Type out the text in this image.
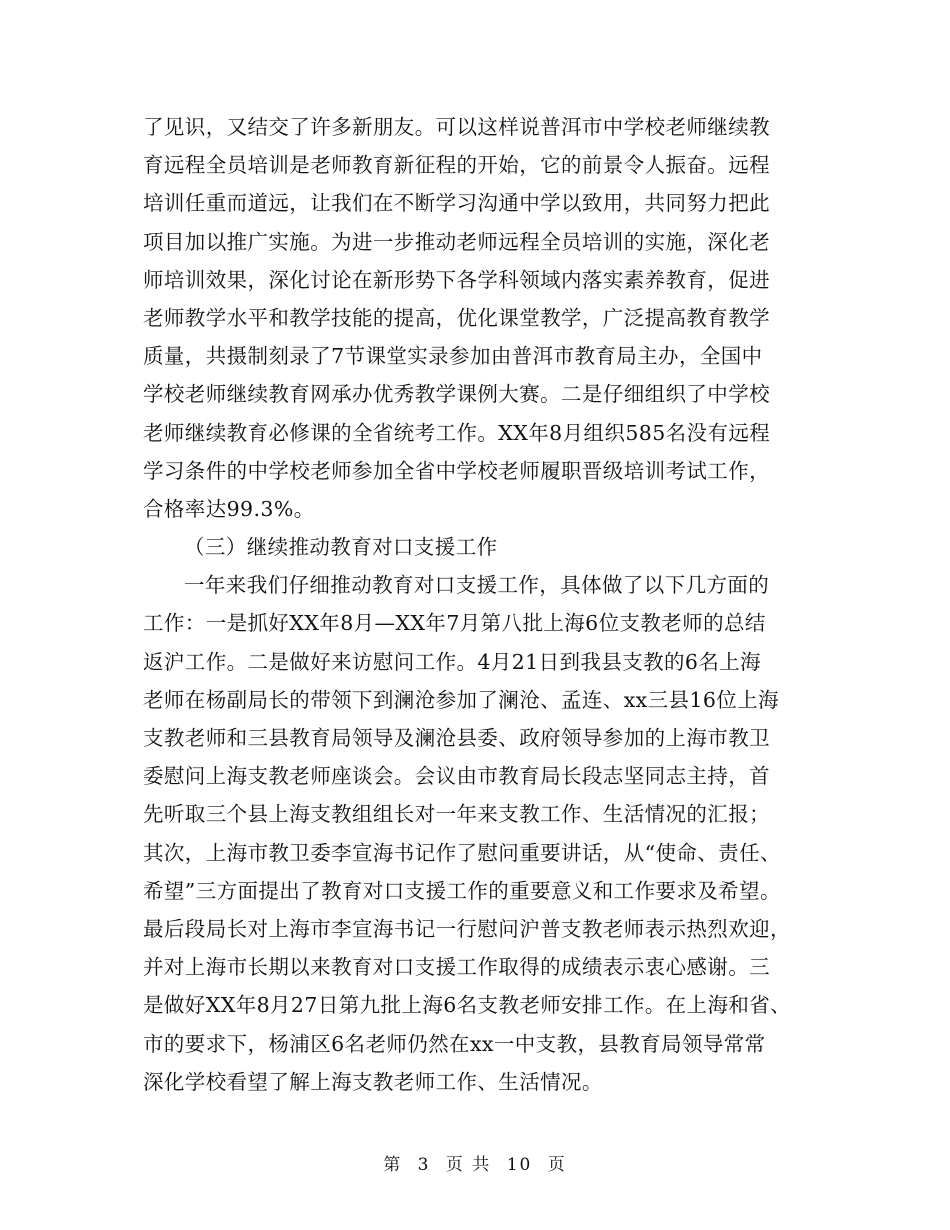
了见识，又结交了许多新朋友。可以这样说普洱市中学校老师继续教
育远程全员培训是老师教育新征程的开始，它的前景令人振奋。远程
培训任重而道远，让我们在不断学习沟通中学以致用，共同努力把此
项目加以推广实施。为进一步推动老师远程全员培训的实施，深化老
师培训效果，深化讨论在新形势下各学科领域内落实素养教育，促进
老师教学水平和教学技能的提高，优化课堂教学，广泛提高教育教学
质量，共摄制刻录了7节课堂实录参加由普洱市教育局主办，全国中
学校老师继续教育网承办优秀教学课例大赛。二是仔细组织了中学校
老师继续教育必修课的全省统考工作。XX年8月组织585名没有远程
学习条件的中学校老师参加全省中学校老师履职晋级培训考试工作，
合格率达99.3%。
（三）继续推动教育对口支援工作
一年来我们仔细推动教育对口支援工作，具体做了以下几方面的
工作：一是抓好XX年8月—XX年7月第八批上海6位支教老师的总结
返沪工作。二是做好来访慰问工作。4月21日到我县支教的6名上海
老师在杨副局长的带领下到澜沧参加了澜沧、孟连、xx三县16位上海
支教老师和三县教育局领导及澜沧县委、政府领导参加的上海市教卫
委慰问上海支教老师座谈会。会议由市教育局长段志坚同志主持，首
先听取三个县上海支教组组长对一年来支教工作、生活情况的汇报；
其次，上海市教卫委李宣海书记作了慰问重要讲话，从“使命、责任、
希望”三方面提出了教育对口支援工作的重要意义和工作要求及希望。
最后段局长对上海市李宣海书记一行慰问沪普支教老师表示热烈欢迎，
并对上海市长期以来教育对口支援工作取得的成绩表示衷心感谢。三
是做好XX年8月27日第九批上海6名支教老师安排工作。在上海和省、
市的要求下，杨浦区6名老师仍然在xx一中支教，县教育局领导常常
深化学校看望了解上海支教老师工作、生活情况。
第 3 页 共 10 页
